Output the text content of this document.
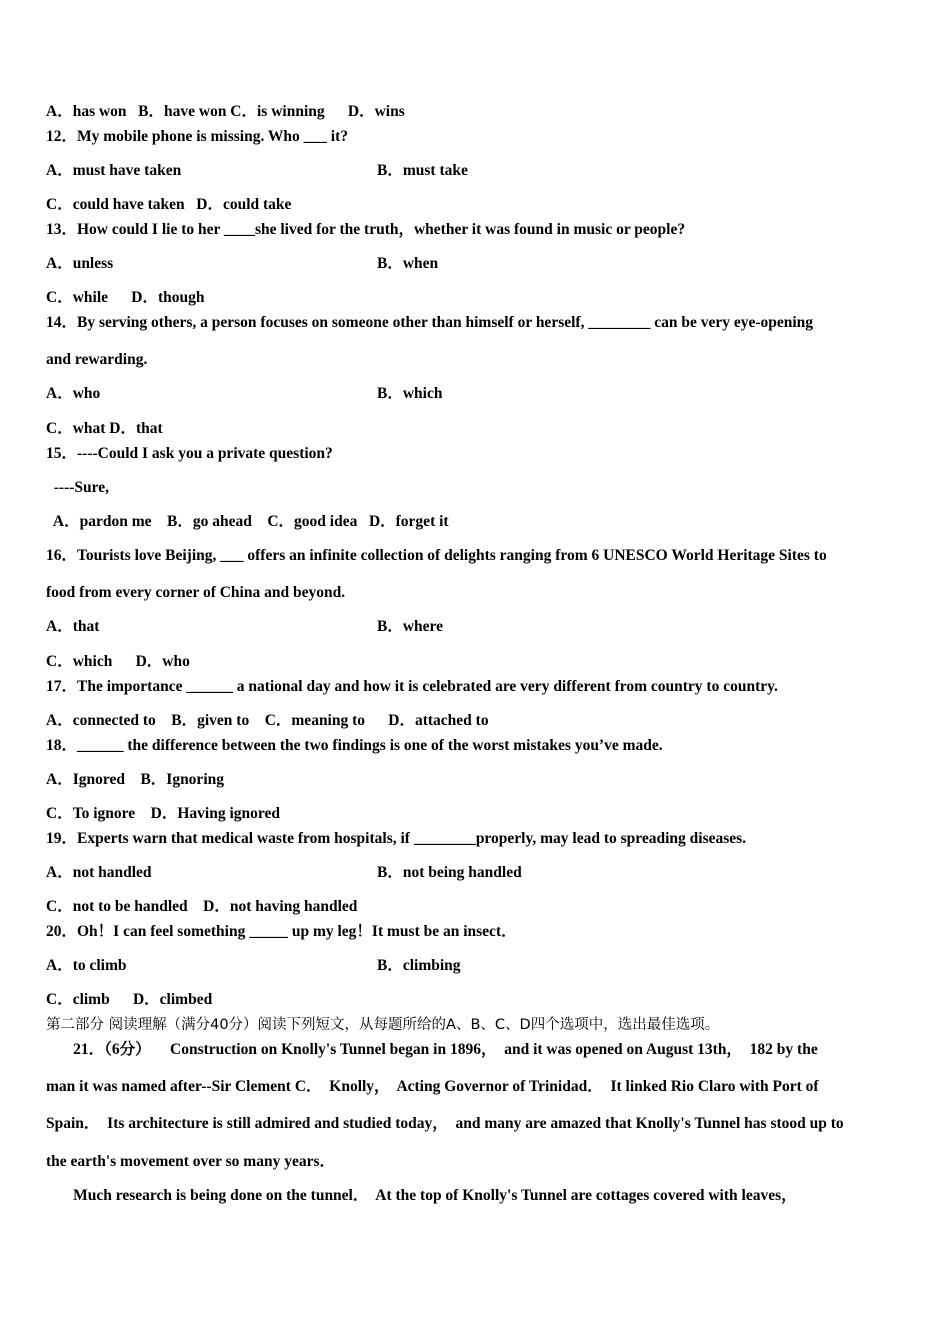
A．has won   B．have won C．is winning      D．wins
12．My mobile phone is missing. Who ___ it?
A．must have taken	B．must take
C．could have taken   D．could take
13．How could I lie to her ____she lived for the truth，whether it was found in music or people?
A．unless	B．when
C．while      D．though
14．By serving others, a person focuses on someone other than himself or herself, ________ can be very eye-opening
and rewarding.
A．who	B．which
C．what D．that
15．----Could I ask you a private question?
----Sure,
A．pardon me    B．go ahead    C．good idea   D．forget it
16．Tourists love Beijing, ___ offers an infinite collection of delights ranging from 6 UNESCO World Heritage Sites to
food from every corner of China and beyond.
A．that	B．where
C．which      D．who
17．The importance ______ a national day and how it is celebrated are very different from country to country.
A．connected to    B．given to    C．meaning to      D．attached to
18．______ the difference between the two findings is one of the worst mistakes you’ve made.
A．Ignored    B．Ignoring
C．To ignore    D．Having ignored
19．Experts warn that medical waste from hospitals, if ________properly, may lead to spreading diseases.
A．not handled	B．not being handled
C．not to be handled    D．not having handled
20．Oh！I can feel something _____ up my leg！It must be an insect．
A．to climb	B．climbing
C．climb      D．climbed
第二部分 阅读理解（满分40分）阅读下列短文，从每题所给的A、B、C、D四个选项中，选出最佳选项。
21．（6分）     Construction on Knolly's Tunnel began in 1896，  and it was opened on August 13th，  182 by the
man it was named after--Sir Clement C．  Knolly，  Acting Governor of Trinidad．  It linked Rio Claro with Port of
Spain．  Its architecture is still admired and studied today，  and many are amazed that Knolly's Tunnel has stood up to
the earth's movement over so many years．
Much research is being done on the tunnel．  At the top of Knolly's Tunnel are cottages covered with leaves，
